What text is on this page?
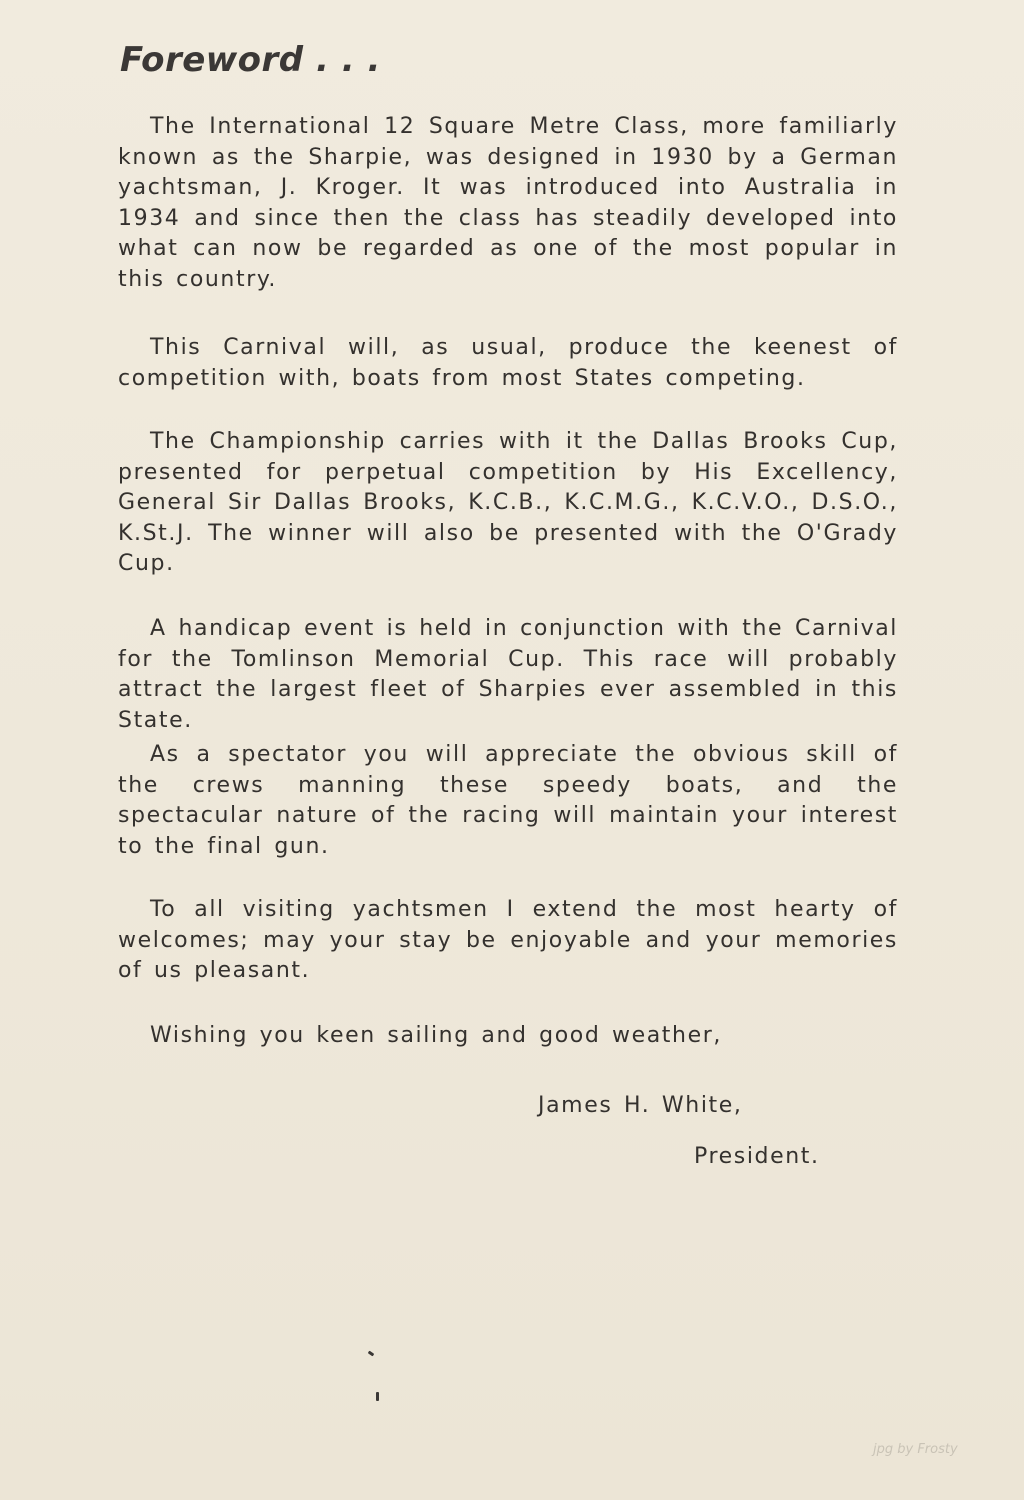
Foreword . . .

The International 12 Square Metre Class, more familiarly known as the Sharpie, was designed in 1930 by a German yachtsman, J. Kroger. It was introduced into Australia in 1934 and since then the class has steadily developed into what can now be regarded as one of the most popular in this country.

This Carnival will, as usual, produce the keenest of competition with, boats from most States competing.

The Championship carries with it the Dallas Brooks Cup, presented for perpetual competition by His Excellency, General Sir Dallas Brooks, K.C.B., K.C.M.G., K.C.V.O., D.S.O., K.St.J. The winner will also be presented with the O'Grady Cup.

A handicap event is held in conjunction with the Carnival for the Tomlinson Memorial Cup. This race will probably attract the largest fleet of Sharpies ever assembled in this State.

As a spectator you will appreciate the obvious skill of the crews manning these speedy boats, and the spectacular nature of the racing will maintain your interest to the final gun.

To all visiting yachtsmen I extend the most hearty of welcomes; may your stay be enjoyable and your memories of us pleasant.

Wishing you keen sailing and good weather,

James H. White,

President.

jpg by Frosty
